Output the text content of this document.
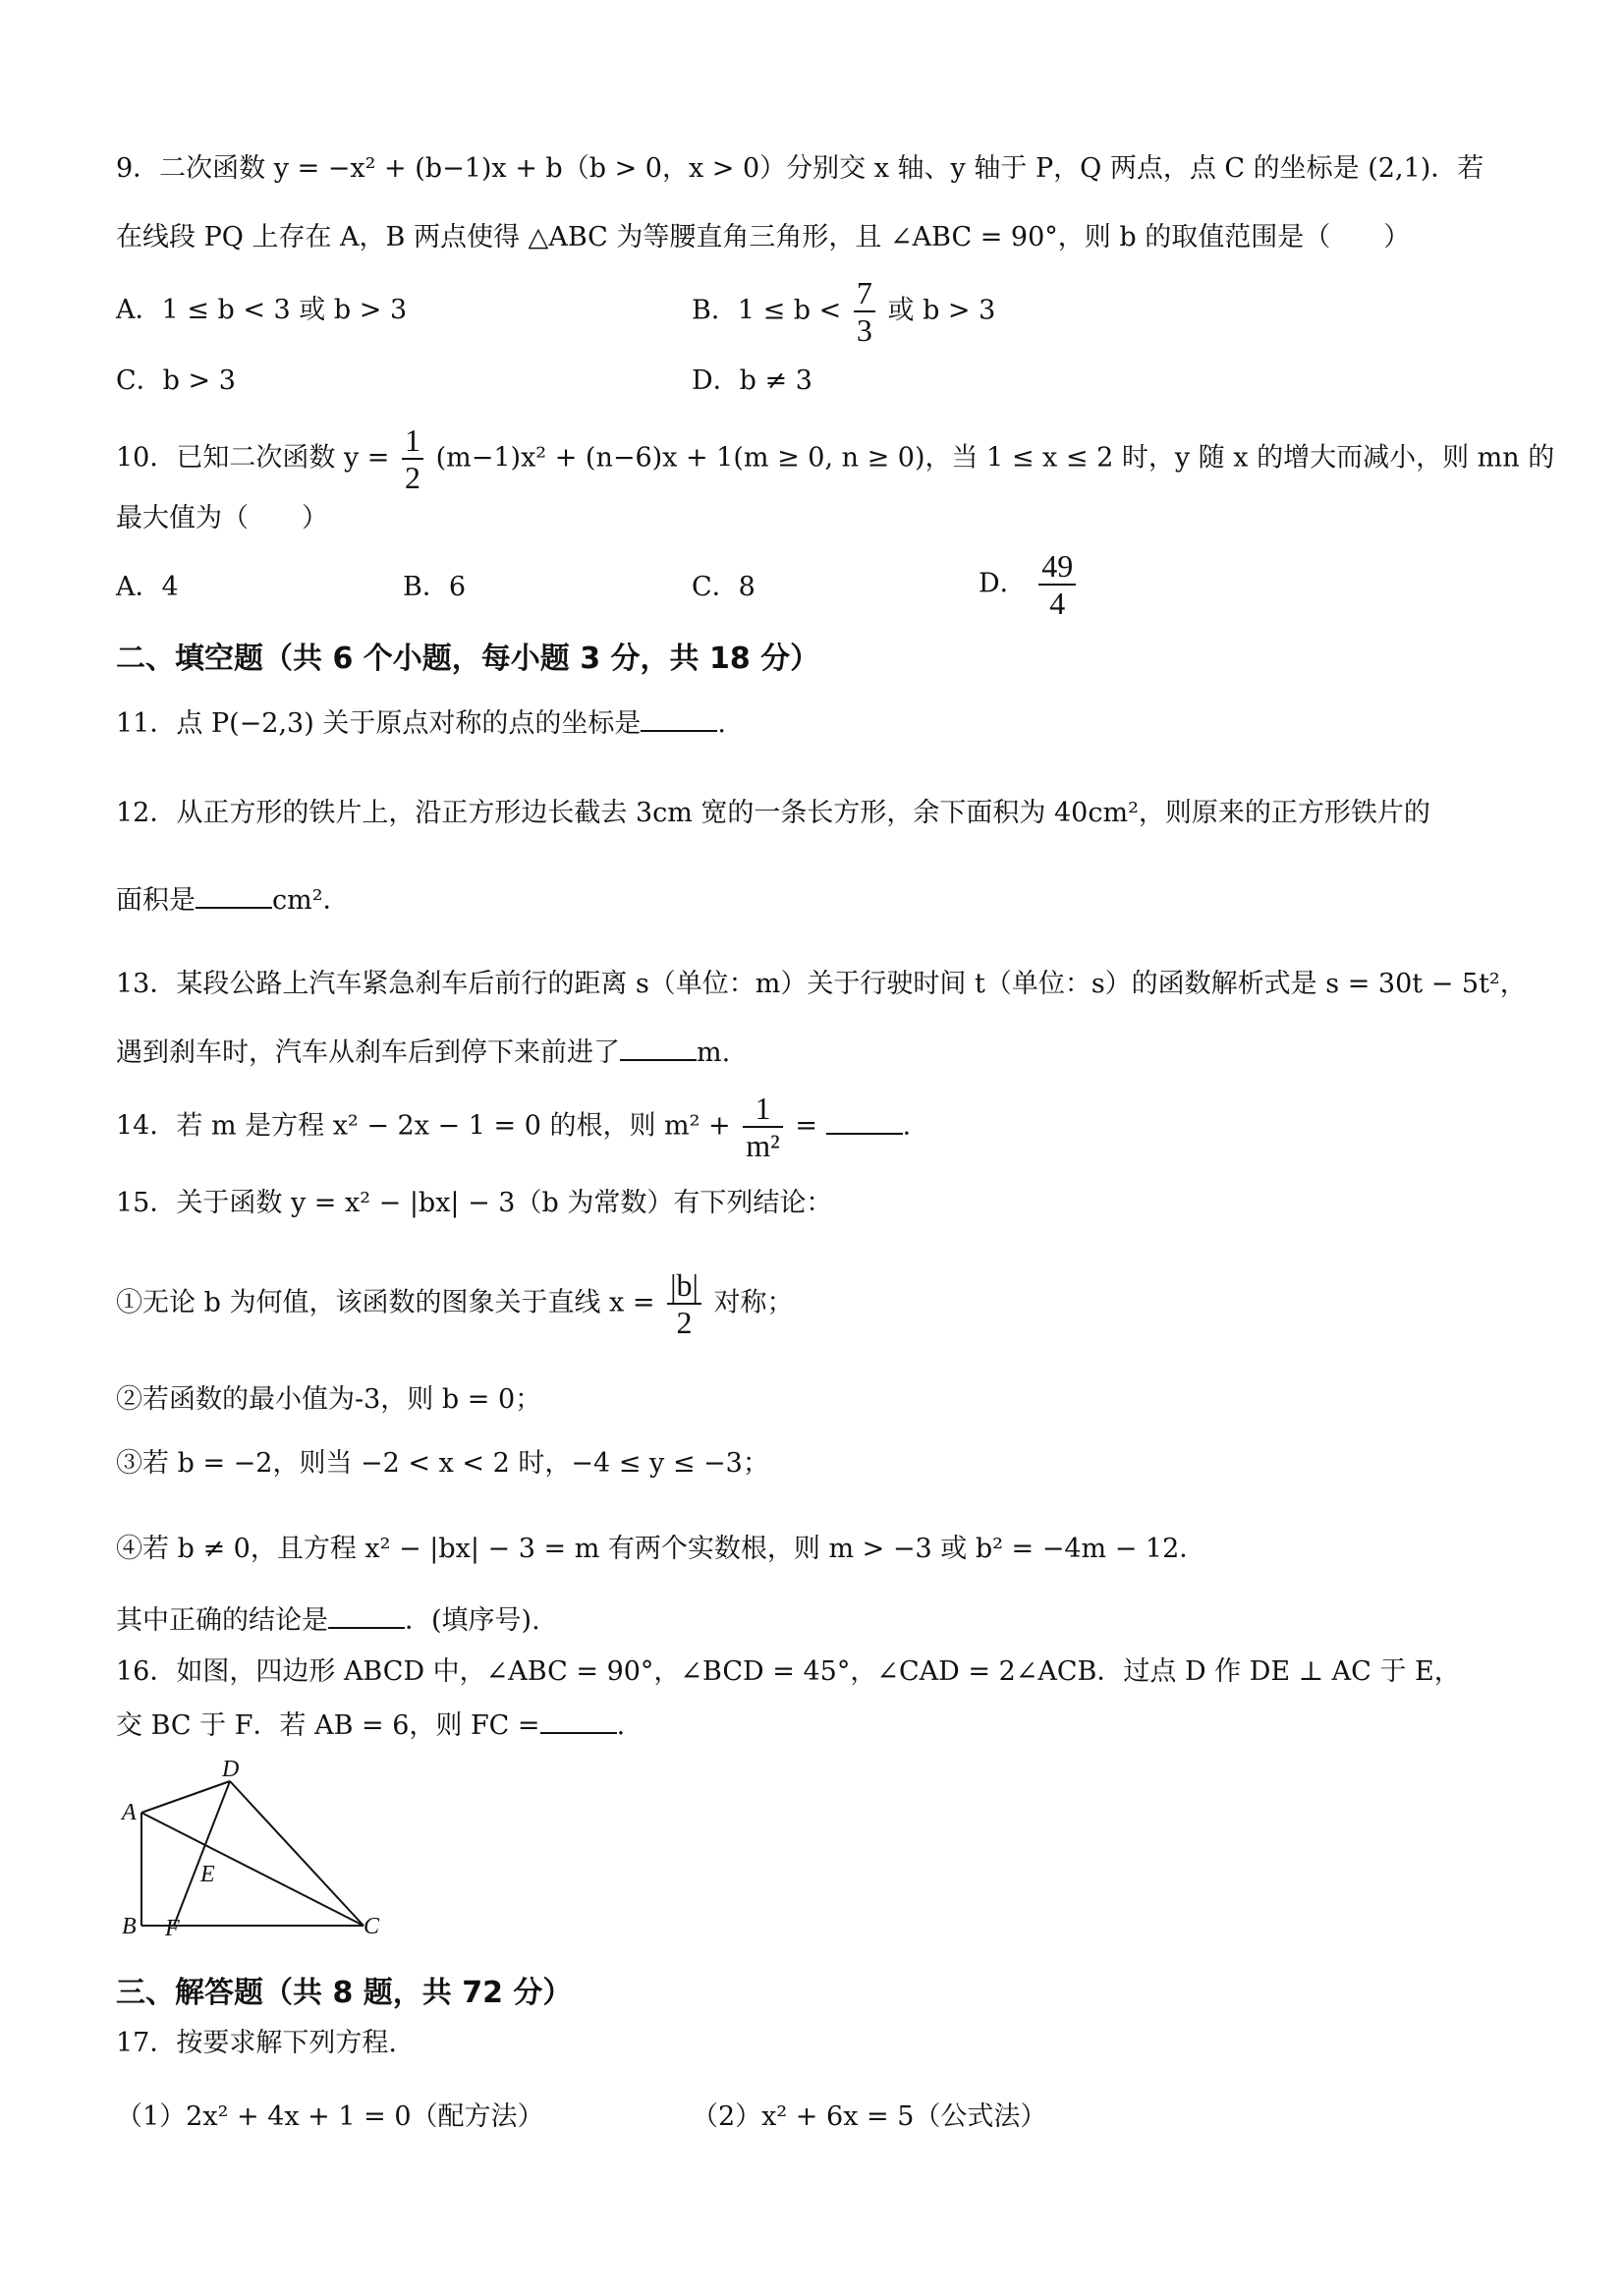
9．二次函数 y = −x² + (b−1)x + b（b > 0，x > 0）分别交 x 轴、y 轴于 P，Q 两点，点 C 的坐标是 (2,1)．若
在线段 PQ 上存在 A，B 两点使得 △ABC 为等腰直角三角形，且 ∠ABC = 90°，则 b 的取值范围是（　　）
A．1 ≤ b < 3 或 b > 3	B．$1 \le b < \frac{7}{3}$ 或 b > 3
C．b > 3	D．b ≠ 3
10．已知二次函数 $y = \frac{1}{2} (m-1)x^2 + (n-6)x + 1(m \ge 0$, n ≥ 0)，当 1 ≤ x ≤ 2 时，y 随 x 的增大而减小，则 mn 的
最大值为（　　）
A．4	B．6	C．8	D． $\frac{49}{4}$
二、填空题（共 6 个小题，每小题 3 分，共 18 分）
11．点 P(−2,3) 关于原点对称的点的坐标是	.
12．从正方形的铁片上，沿正方形边长截去 3cm 宽的一条长方形，余下面积为 40cm²，则原来的正方形铁片的
面积是	cm²．
13．某段公路上汽车紧急刹车后前行的距离 s（单位：m）关于行驶时间 t（单位：s）的函数解析式是 s = 30t − 5t²，
遇到刹车时，汽车从刹车后到停下来前进了	m.
14．若 m 是方程 x² − 2x − 1 = 0 的根，则 $m^2 + \frac{1}{\text{m²}}$ =	.
15．关于函数 y = x² − |bx| − 3（b 为常数）有下列结论：
①无论 b 为何值，该函数的图象关于直线 $x = \frac{|b|}{2}$ 对称；
②若函数的最小值为-3，则 b = 0；
③若 b = −2，则当 −2 < x < 2 时，−4 ≤ y ≤ −3；
④若 b ≠ 0，且方程 x² − |bx| − 3 = m 有两个实数根，则 m > −3 或 b² = −4m − 12．
其中正确的结论是	．(填序号).
16．如图，四边形 ABCD 中，∠ABC = 90°，∠BCD = 45°，∠CAD = 2∠ACB．过点 D 作 DE ⊥ AC 于 E，
交 BC 于 F．若 AB = 6，则 FC =	.
A
B	C
D
E
F
三、解答题（共 8 题，共 72 分）
17．按要求解下列方程.
（1）2x² + 4x + 1 = 0（配方法）	（2）x² + 6x = 5（公式法）
